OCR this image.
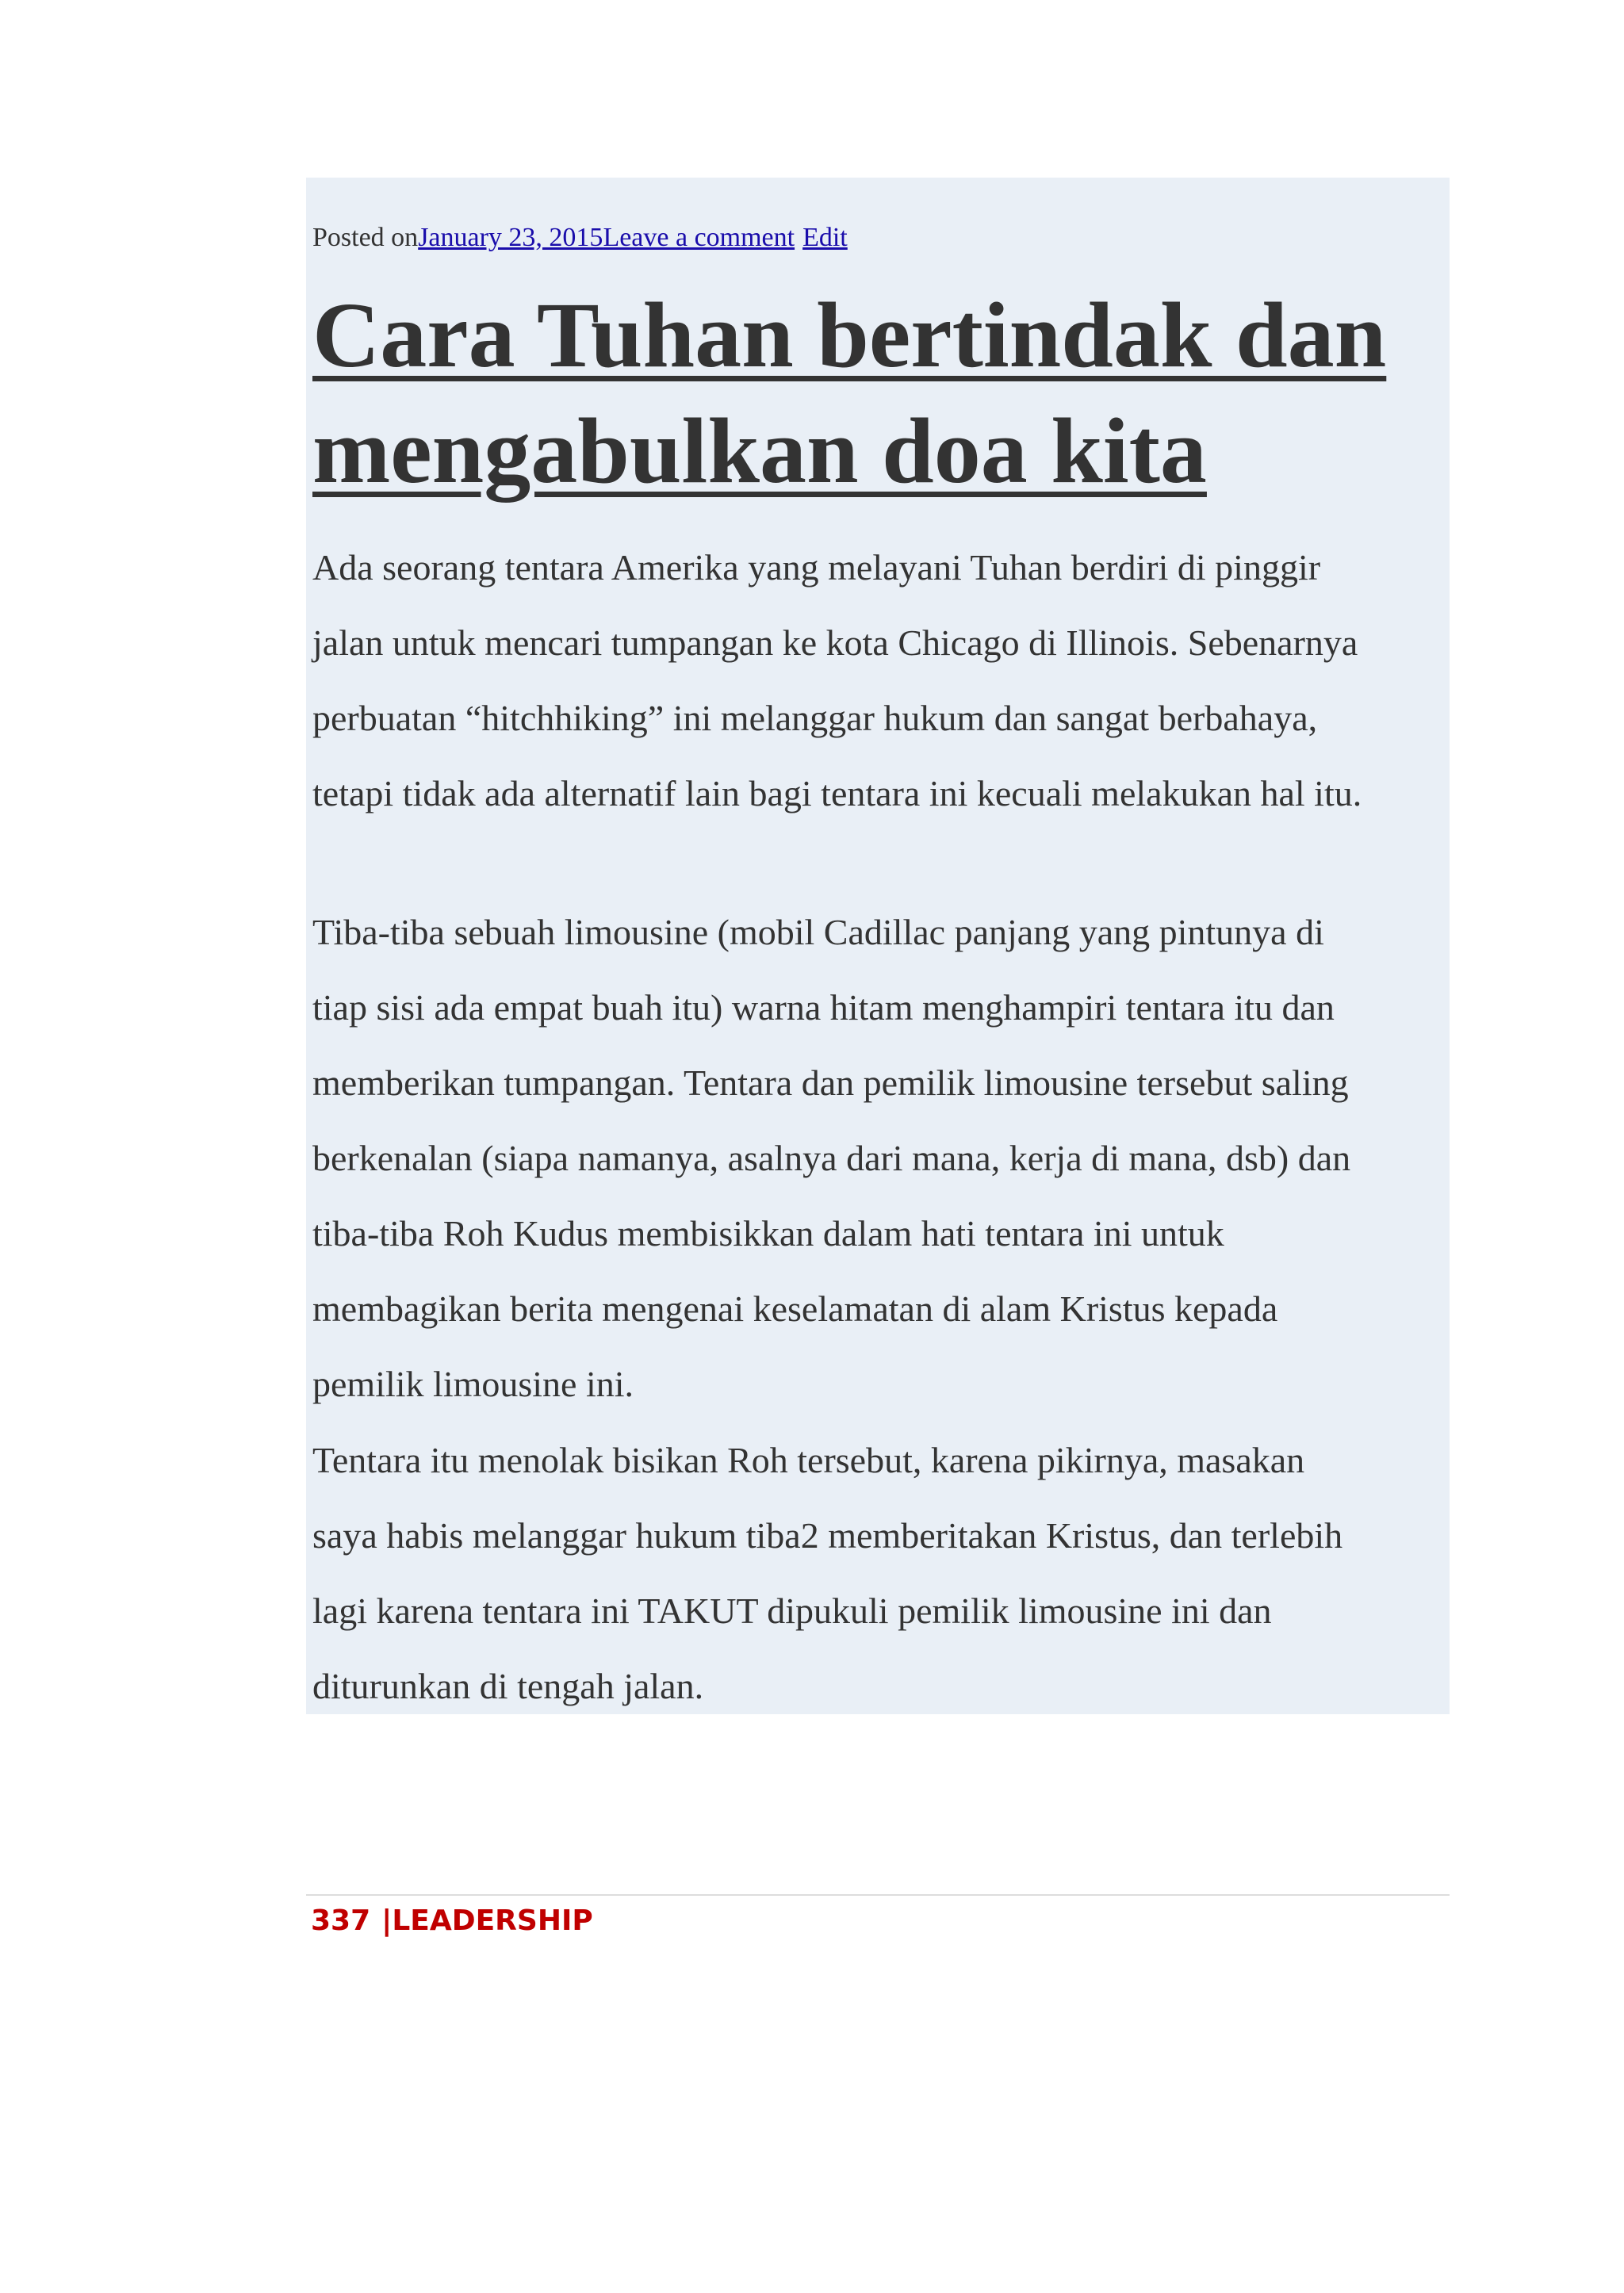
Posted onJanuary 23, 2015Leave a comment Edit
Cara Tuhan bertindak dan
mengabulkan doa kita

Ada seorang tentara Amerika yang melayani Tuhan berdiri di pinggir
jalan untuk mencari tumpangan ke kota Chicago di Illinois. Sebenarnya
perbuatan “hitchhiking” ini melanggar hukum dan sangat berbahaya,
tetapi tidak ada alternatif lain bagi tentara ini kecuali melakukan hal itu.

Tiba-tiba sebuah limousine (mobil Cadillac panjang yang pintunya di
tiap sisi ada empat buah itu) warna hitam menghampiri tentara itu dan
memberikan tumpangan. Tentara dan pemilik limousine tersebut saling
berkenalan (siapa namanya, asalnya dari mana, kerja di mana, dsb) dan
tiba-tiba Roh Kudus membisikkan dalam hati tentara ini untuk
membagikan berita mengenai keselamatan di alam Kristus kepada
pemilik limousine ini.

Tentara itu menolak bisikan Roh tersebut, karena pikirnya, masakan
saya habis melanggar hukum tiba2 memberitakan Kristus, dan terlebih
lagi karena tentara ini TAKUT dipukuli pemilik limousine ini dan
diturunkan di tengah jalan.

337 |LEADERSHIP
